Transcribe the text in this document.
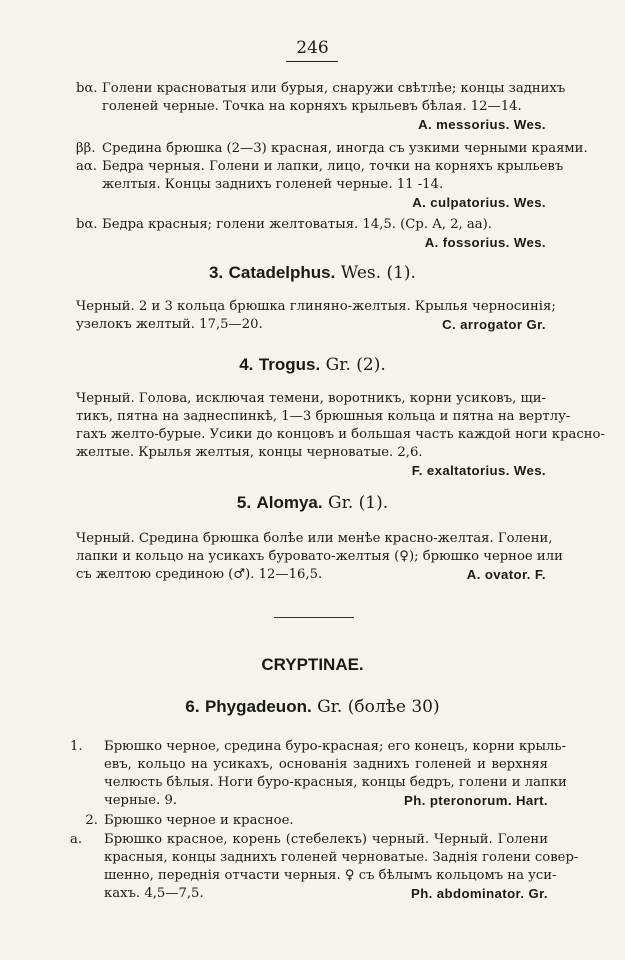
246
bα. Голени красноватыя или бурыя, снаружи свѣтлѣе; концы заднихъ
голеней черные. Точка на корняхъ крыльевъ бѣлая. 12—14.
A. messorius. Wes.
ββ. Средина брюшка (2—3) красная, иногда съ узкими черными краями.
aα. Бедра черныя. Голени и лапки, лицо, точки на корняхъ крыльевъ
желтыя. Концы заднихъ голеней черные. 11 -14.
A. culpatorius. Wes.
bα. Бедра красныя; голени желтоватыя. 14,5. (Ср. A, 2, aa).
A. fossorius. Wes.
3. Catadelphus. Wes. (1).
Черный. 2 и 3 кольца брюшка глиняно-желтыя. Крылья черносинія;
узелокъ желтый. 17,5—20.	C. arrogator Gr.
4. Trogus. Gr. (2).
Черный. Голова, исключая темени, воротникъ, корни усиковъ, щи-
тикъ, пятна на заднеспинкѣ, 1—3 брюшныя кольца и пятна на вертлу-
гахъ желто-бурые. Усики до концовъ и большая часть каждой ноги красно-
желтые. Крылья желтыя, концы черноватые. 2,6.
F. exaltatorius. Wes.
5. Alomya. Gr. (1).
Черный. Средина брюшка болѣе или менѣе красно-желтая. Голени,
лапки и кольцо на усикахъ буровато-желтыя (♀); брюшко черное или
съ желтою срединою (♂). 12—16,5.	A. ovator. F.
CRYPTINAE.
6. Phygadeuon. Gr. (болѣе 30)
1. Брюшко черное, средина буро-красная; его конецъ, корни крыль-
евъ, кольцо на усикахъ, основанія заднихъ голеней и верхняя
челюсть бѣлыя. Ноги буро-красныя, концы бедръ, голени и лапки
черные. 9.	Ph. pteronorum. Hart.
2. Брюшко черное и красное.
a. Брюшко красное, корень (стебелекъ) черный. Черный. Голени
красныя, концы заднихъ голеней черноватые. Заднія голени совер-
шенно, переднія отчасти черныя. ♀ съ бѣлымъ кольцомъ на уси-
кахъ. 4,5—7,5.	Ph. abdominator. Gr.
